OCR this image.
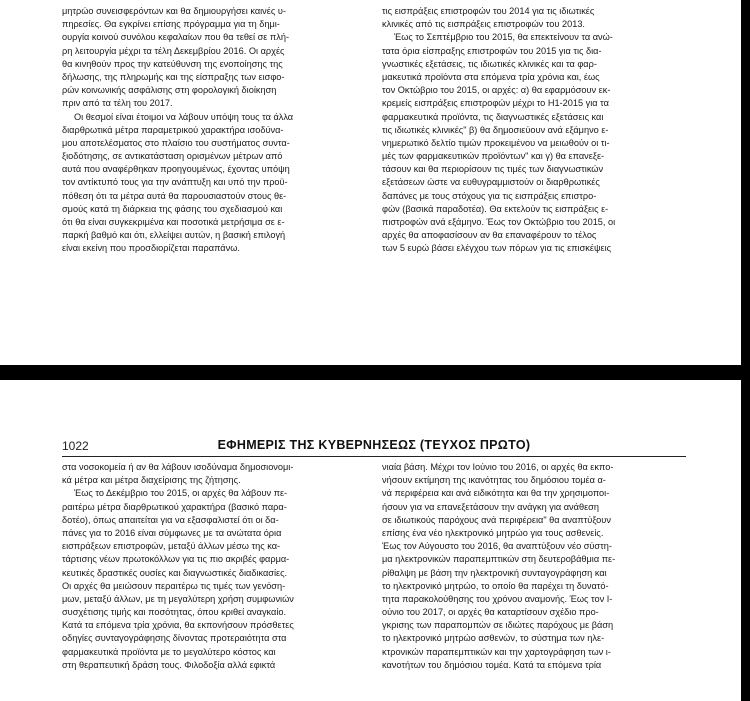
μητρώο συνεισφερόντων και θα δημιουργήσει καινές υ-
πηρεσίες. Θα εγκρίνει επίσης πρόγραμμα για τη δημι-
ουργία κοινού συνόλου κεφαλαίων που θα τεθεί σε πλή-
ρη λειτουργία μέχρι τα τέλη Δεκεμβρίου 2016. Οι αρχές
θα κινηθούν προς την κατεύθυνση της ενοποίησης της
δήλωσης, της πληρωμής και της είσπραξης των εισφο-
ρών κοινωνικής ασφάλισης στη φορολογική διοίκηση
πριν από τα τέλη του 2017.
Οι θεσμοί είναι έτοιμοι να λάβουν υπόψη τους τα άλλα
διαρθρωτικά μέτρα παραμετρικού χαρακτήρα ισοδύνα-
μου αποτελέσματος στο πλαίσιο του συστήματος συντα-
ξιοδότησης, σε αντικατάσταση ορισμένων μέτρων από
αυτά που αναφέρθηκαν προηγουμένως, έχοντας υπόψη
τον αντίκτυπό τους για την ανάπτυξη και υπό την προϋ-
πόθεση ότι τα μέτρα αυτά θα παρουσιαστούν στους θε-
σμούς κατά τη διάρκεια της φάσης του σχεδιασμού και
ότι θα είναι συγκεκριμένα και ποσοτικά μετρήσιμα σε ε-
παρκή βαθμό και ότι, ελλείψει αυτών, η βασική επιλογή
είναι εκείνη που προσδιορίζεται παραπάνω.
τις εισπράξεις επιστροφών του 2014 για τις ιδιωτικές
κλινικές από τις εισπράξεις επιστροφών του 2013.
Έως το Σεπτέμβριο του 2015, θα επεκτείνουν τα ανώ-
τατα όρια είσπραξης επιστροφών του 2015 για τις δια-
γνωστικές εξετάσεις, τις ιδιωτικές κλινικές και τα φαρ-
μακευτικά προϊόντα στα επόμενα τρία χρόνια και, έως
τον Οκτώβριο του 2015, οι αρχές: α) θα εφαρμόσουν εκ-
κρεμείς εισπράξεις επιστροφών μέχρι το H1-2015 για τα
φαρμακευτικά προϊόντα, τις διαγνωστικές εξετάσεις και
τις ιδιωτικές κλινικές" β) θα δημοσιεύουν ανά εξάμηνο ε-
νημερωτικό δελτίο τιμών προκειμένου να μειωθούν οι τι-
μές των φαρμακευτικών προϊόντων" και γ) θα επανεξε-
τάσουν και θα περιορίσουν τις τιμές των διαγνωστικών
εξετάσεων ώστε να ευθυγραμμιστούν οι διαρθρωτικές
δαπάνες με τους στόχους για τις εισπράξεις επιστρο-
φών (βασικά παραδοτέα). Θα εκτελούν τις εισπράξεις ε-
πιστροφών ανά εξάμηνο. Έως τον Οκτώβριο του 2015, οι
αρχές θα αποφασίσουν αν θα επαναφέρουν το τέλος
των 5 ευρώ βάσει ελέγχου των πόρων για τις επισκέψεις
1022	ΕΦΗΜΕΡΙΣ ΤΗΣ ΚΥΒΕΡΝΗΣΕΩΣ (ΤΕΥΧΟΣ ΠΡΩΤΟ)
στα νοσοκομεία ή αν θα λάβουν ισοδύναμα δημοσιονομι-
κά μέτρα και μέτρα διαχείρισης της ζήτησης.
Έως το Δεκέμβριο του 2015, οι αρχές θα λάβουν πε-
ραιτέρω μέτρα διαρθρωτικού χαρακτήρα (βασικό παρα-
δοτέο), όπως απαιτείται για να εξασφαλιστεί ότι οι δα-
πάνες για το 2016 είναι σύμφωνες με τα ανώτατα όρια
εισπράξεων επιστροφών, μεταξύ άλλων μέσω της κα-
τάρτισης νέων πρωτοκόλλων για τις πιο ακριβές φαρμα-
κευτικές δραστικές ουσίες και διαγνωστικές διαδικασίες.
Οι αρχές θα μειώσουν περαιτέρω τις τιμές των γενόση-
μων, μεταξύ άλλων, με τη μεγαλύτερη χρήση συμφωνιών
συσχέτισης τιμής και ποσότητας, όπου κριθεί αναγκαίο.
Κατά τα επόμενα τρία χρόνια, θα εκπονήσουν πρόσθετες
οδηγίες συνταγογράφησης δίνοντας προτεραιότητα στα
φαρμακευτικά προϊόντα με το μεγαλύτερο κόστος και
στη θεραπευτική δράση τους. Φιλοδοξία αλλά εφικτά
νιαία βάση. Μέχρι τον Ιούνιο του 2016, οι αρχές θα εκπο-
νήσουν εκτίμηση της ικανότητας του δημόσιου τομέα α-
νά περιφέρεια και ανά ειδικότητα και θα την χρησιμοποι-
ήσουν για να επανεξετάσουν την ανάγκη για ανάθεση
σε ιδιωτικούς παρόχους ανά περιφέρεια" θα αναπτύξουν
επίσης ένα νέο ηλεκτρονικό μητρώο για τους ασθενείς.
Έως τον Αύγουστο του 2016, θα αναπτύξουν νέο σύστη-
μα ηλεκτρονικών παραπεμπτικών στη δευτεροβάθμια πε-
ρίθαλψη με βάση την ηλεκτρονική συνταγογράφηση και
το ηλεκτρονικό μητρώο, το οποίο θα παρέχει τη δυνατό-
τητα παρακολούθησης του χρόνου αναμονής. Έως τον Ι-
ούνιο του 2017, οι αρχές θα καταρτίσουν σχέδιο προ-
γκρισης των παραπομπών σε ιδιώτες παρόχους με βάση
το ηλεκτρονικό μητρώο ασθενών, το σύστημα των ηλε-
κτρονικών παραπεμπτικών και την χαρτογράφηση των ι-
κανοτήτων του δημόσιου τομέα. Κατά τα επόμενα τρία
